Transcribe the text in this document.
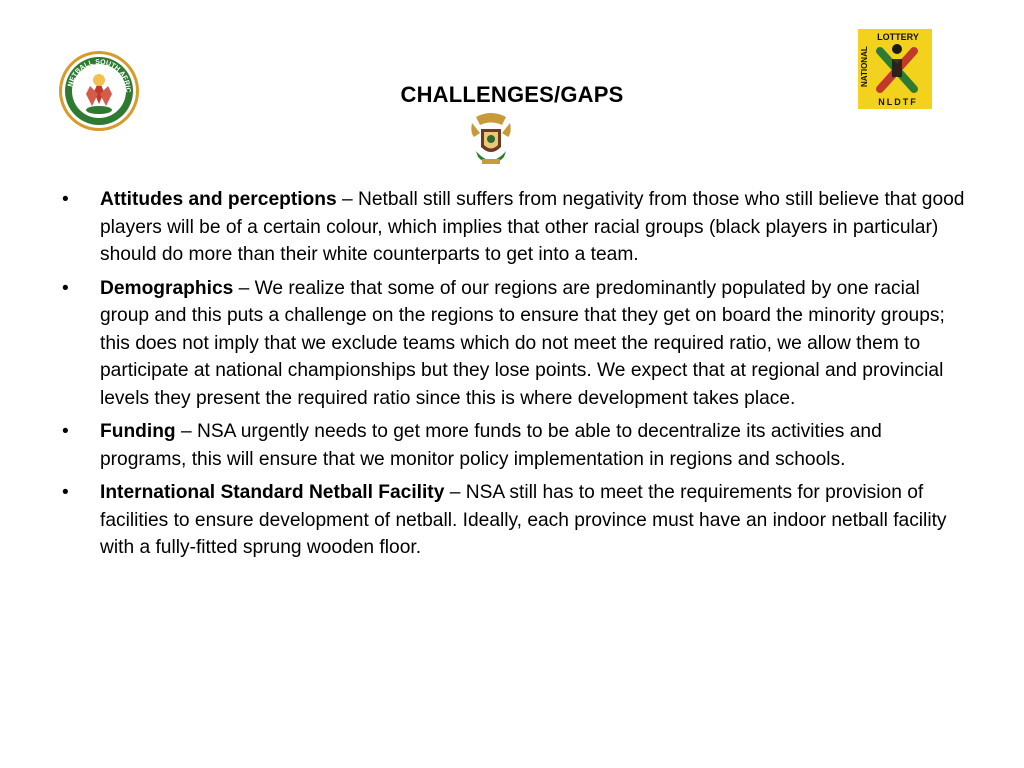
NETBALL SOUTH AFRIC	CHALLENGES/GAPS
LOTTERY
NATIONAL
NLDTF
• Attitudes and perceptions – Netball still suffers from negativity from those who still believe that good players will be of a certain colour, which implies that other racial groups (black players in particular) should do more than their white counterparts to get into a team.
• Demographics – We realize that some of our regions are predominantly populated by one racial group and this puts a challenge on the regions to ensure that they get on board the minority groups; this does not imply that we exclude teams which do not meet the required ratio, we allow them to participate at national championships but they lose points. We expect that at regional and provincial levels they present the required ratio since this is where development takes place.
• Funding – NSA urgently needs to get more funds to be able to decentralize its activities and programs, this will ensure that we monitor policy implementation in regions and schools.
• International Standard Netball Facility – NSA still has to meet the requirements for provision of facilities to ensure development of netball. Ideally, each province must have an indoor netball facility with a fully-fitted sprung wooden floor.
